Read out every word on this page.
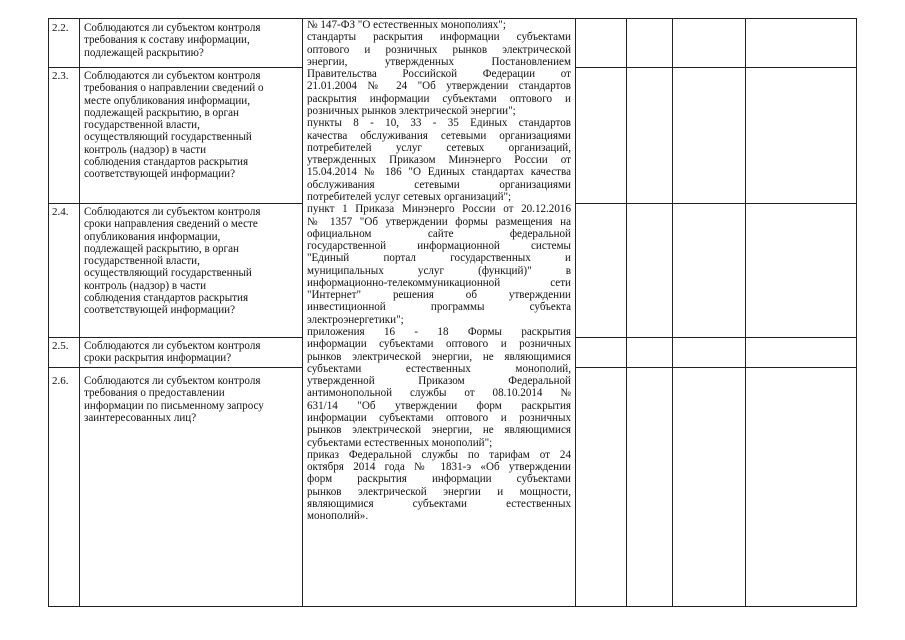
2.2.	Соблюдаются ли субъектом контроля
требования к составу информации,
подлежащей раскрытию?
2.3.	Соблюдаются ли субъектом контроля
требования о направлении сведений о
месте опубликования информации,
подлежащей раскрытию, в орган
государственной власти,
осуществляющий государственный
контроль (надзор) в части
соблюдения стандартов раскрытия
соответствующей информации?
2.4.	Соблюдаются ли субъектом контроля
сроки направления сведений о месте
опубликования информации,
подлежащей раскрытию, в орган
государственной власти,
осуществляющий государственный
контроль (надзор) в части
соблюдения стандартов раскрытия
соответствующей информации?
2.5.	Соблюдаются ли субъектом контроля
сроки раскрытия информации?
2.6.	Соблюдаются ли субъектом контроля
требования о предоставлении
информации по письменному запросу
заинтересованных лиц?
№ 147-ФЗ "О естественных монополиях";
стандарты раскрытия информации субъектами
оптового и розничных рынков электрической
энергии, утвержденных Постановлением
Правительства Российской Федерации от
21.01.2004 № 24 "Об утверждении стандартов
раскрытия информации субъектами оптового и
розничных рынков электрической энергии";
пункты 8 - 10, 33 - 35 Единых стандартов
качества обслуживания сетевыми организациями
потребителей услуг сетевых организаций,
утвержденных Приказом Минэнерго России от
15.04.2014 № 186 "О Единых стандартах качества
обслуживания сетевыми организациями
потребителей услуг сетевых организаций";
пункт 1 Приказа Минэнерго России от 20.12.2016
№ 1357 "Об утверждении формы размещения на
официальном сайте федеральной
государственной информационной системы
"Единый портал государственных и
муниципальных услуг (функций)" в
информационно-телекоммуникационной сети
"Интернет" решения об утверждении
инвестиционной программы субъекта
электроэнергетики";
приложения 16 - 18 Формы раскрытия
информации субъектами оптового и розничных
рынков электрической энергии, не являющимися
субъектами естественных монополий,
утвержденной Приказом Федеральной
антимонопольной службы от 08.10.2014 №
631/14 "Об утверждении форм раскрытия
информации субъектами оптового и розничных
рынков электрической энергии, не являющимися
субъектами естественных монополий";
приказ Федеральной службы по тарифам от 24
октября 2014 года № 1831-э «Об утверждении
форм раскрытия информации субъектами
рынков электрической энергии и мощности,
являющимися субъектами естественных
монополий».
